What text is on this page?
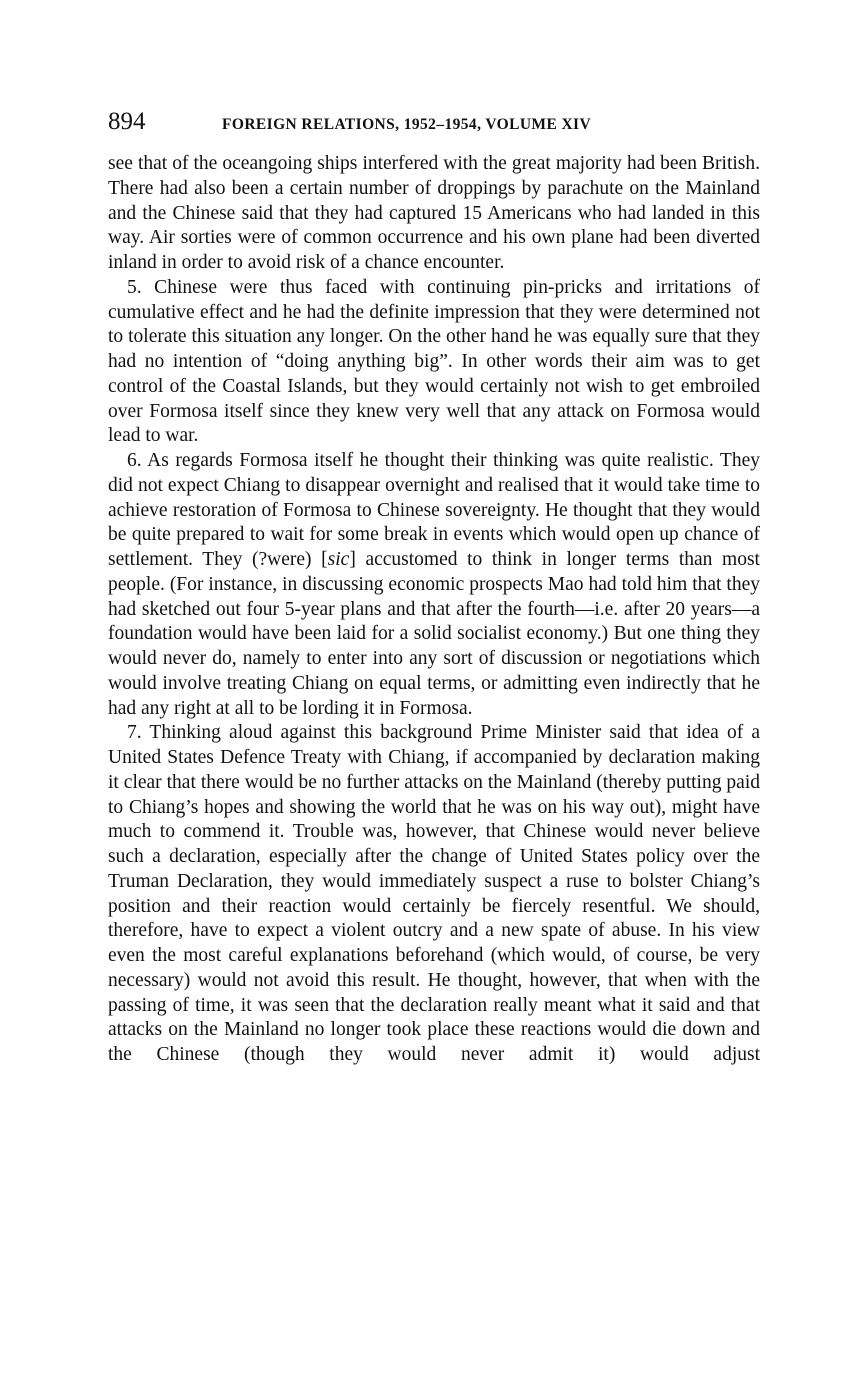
894	FOREIGN RELATIONS, 1952–1954, VOLUME XIV

see that of the oceangoing ships interfered with the great majority had been British. There had also been a certain number of droppings by parachute on the Mainland and the Chinese said that they had captured 15 Americans who had landed in this way. Air sorties were of common occurrence and his own plane had been diverted inland in order to avoid risk of a chance encounter.

5. Chinese were thus faced with continuing pin-pricks and irritations of cumulative effect and he had the definite impression that they were determined not to tolerate this situation any longer. On the other hand he was equally sure that they had no intention of “doing anything big”. In other words their aim was to get control of the Coastal Islands, but they would certainly not wish to get embroiled over Formosa itself since they knew very well that any attack on Formosa would lead to war.

6. As regards Formosa itself he thought their thinking was quite realistic. They did not expect Chiang to disappear overnight and realised that it would take time to achieve restoration of Formosa to Chinese sovereignty. He thought that they would be quite prepared to wait for some break in events which would open up chance of settlement. They (?were) [sic] accustomed to think in longer terms than most people. (For instance, in discussing economic prospects Mao had told him that they had sketched out four 5-year plans and that after the fourth—i.e. after 20 years—a foundation would have been laid for a solid socialist economy.) But one thing they would never do, namely to enter into any sort of discussion or negotiations which would involve treating Chiang on equal terms, or admitting even indirectly that he had any right at all to be lording it in Formosa.

7. Thinking aloud against this background Prime Minister said that idea of a United States Defence Treaty with Chiang, if accompanied by declaration making it clear that there would be no further attacks on the Mainland (thereby putting paid to Chiang’s hopes and showing the world that he was on his way out), might have much to commend it. Trouble was, however, that Chinese would never believe such a declaration, especially after the change of United States policy over the Truman Declaration, they would immediately suspect a ruse to bolster Chiang’s position and their reaction would certainly be fiercely resentful. We should, therefore, have to expect a violent outcry and a new spate of abuse. In his view even the most careful explanations beforehand (which would, of course, be very necessary) would not avoid this result. He thought, however, that when with the passing of time, it was seen that the declaration really meant what it said and that attacks on the Mainland no longer took place these reactions would die down and the Chinese (though they would never admit it) would adjust
